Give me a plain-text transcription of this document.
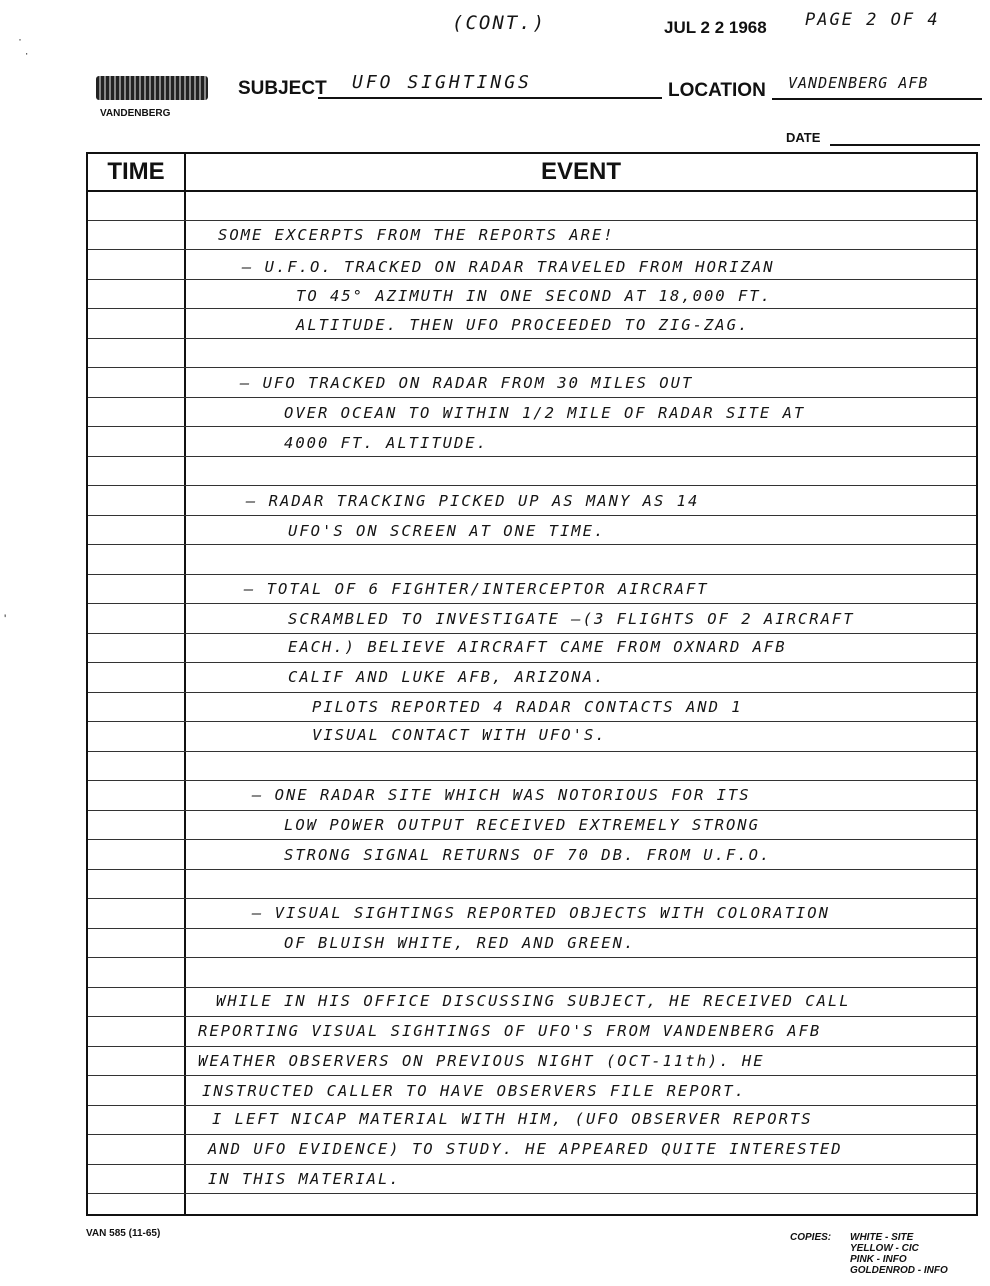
(CONT.)	JUL 2 2 1968 PAGE 2 OF 4
VANDENBERG
SUBJECT UFO SIGHTINGS	LOCATION VANDENBERG AFB
DATE
TIME	EVENT
SOME EXCERPTS FROM THE REPORTS ARE!
— U.F.O. TRACKED ON RADAR TRAVELED FROM HORIZAN
TO 45° AZIMUTH IN ONE SECOND AT 18,000 FT.
ALTITUDE. THEN UFO PROCEEDED TO ZIG-ZAG.
— UFO TRACKED ON RADAR FROM 30 MILES OUT
OVER OCEAN TO WITHIN 1/2 MILE OF RADAR SITE AT
4000 FT. ALTITUDE.
— RADAR TRACKING PICKED UP AS MANY AS 14
UFO'S ON SCREEN AT ONE TIME.
— TOTAL OF 6 FIGHTER/INTERCEPTOR AIRCRAFT
SCRAMBLED TO INVESTIGATE —(3 FLIGHTS OF 2 AIRCRAFT
EACH.) BELIEVE AIRCRAFT CAME FROM OXNARD AFB
CALIF AND LUKE AFB, ARIZONA.
PILOTS REPORTED 4 RADAR CONTACTS AND 1
VISUAL CONTACT WITH UFO'S.
— ONE RADAR SITE WHICH WAS NOTORIOUS FOR ITS
LOW POWER OUTPUT RECEIVED EXTREMELY STRONG
STRONG SIGNAL RETURNS OF 70 DB. FROM U.F.O.
— VISUAL SIGHTINGS REPORTED OBJECTS WITH COLORATION
OF BLUISH WHITE, RED AND GREEN.
WHILE IN HIS OFFICE DISCUSSING SUBJECT, HE RECEIVED CALL
REPORTING VISUAL SIGHTINGS OF UFO'S FROM VANDENBERG AFB
WEATHER OBSERVERS ON PREVIOUS NIGHT (OCT-11th). HE
INSTRUCTED CALLER TO HAVE OBSERVERS FILE REPORT.
I LEFT NICAP MATERIAL WITH HIM, (UFO OBSERVER REPORTS
AND UFO EVIDENCE) TO STUDY. HE APPEARED QUITE INTERESTED
IN THIS MATERIAL.
VAN 585 (11-65)	COPIES: WHITE - SITE
YELLOW - CIC
PINK - INFO
GOLDENROD - INFO
·
·
'
